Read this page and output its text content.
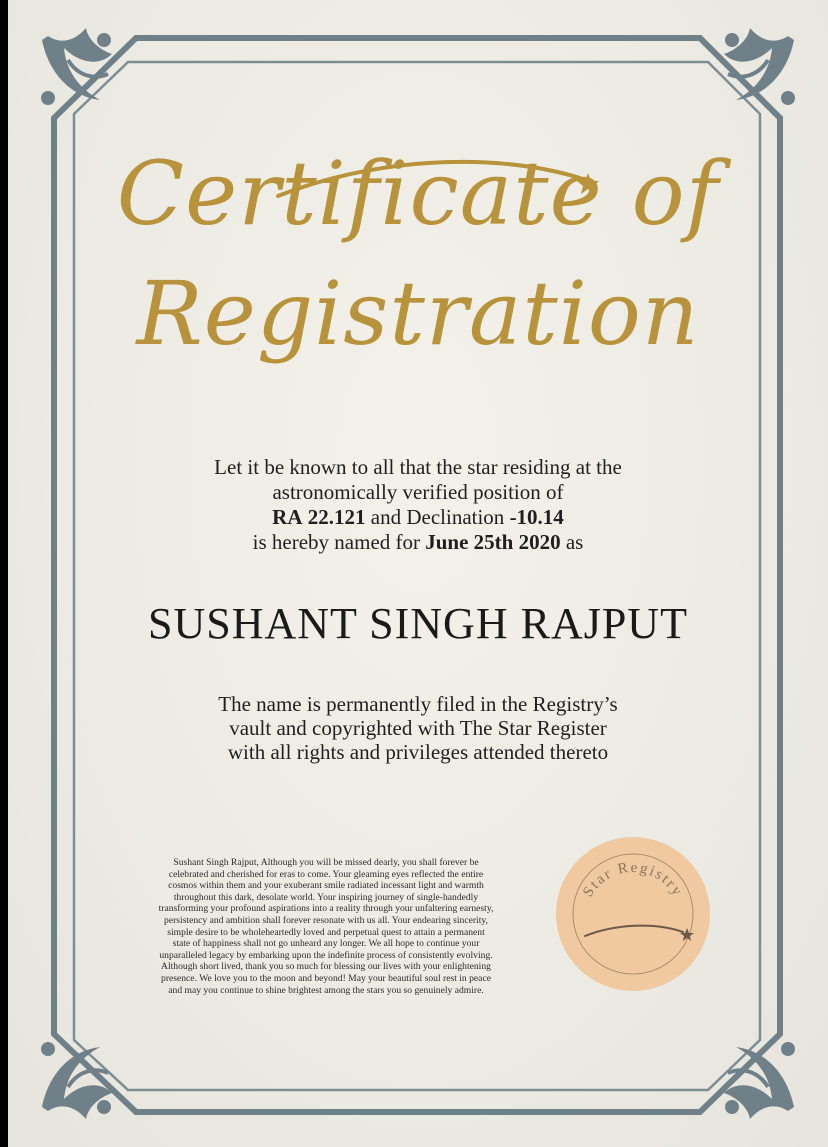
Certificate of
Registration
Let it be known to all that the star residing at the
astronomically verified position of
RA 22.121 and Declination -10.14
is hereby named for June 25th 2020 as
SUSHANT SINGH RAJPUT
The name is permanently filed in the Registry’s
vault and copyrighted with The Star Register
with all rights and privileges attended thereto
Sushant Singh Rajput, Although you will be missed dearly, you shall forever be
celebrated and cherished for eras to come. Your gleaming eyes reflected the entire
cosmos within them and your exuberant smile radiated incessant light and warmth
throughout this dark, desolate world. Your inspiring journey of single-handedly
transforming your profound aspirations into a reality through your unfaltering earnesty,
persistency and ambition shall forever resonate with us all. Your endearing sincerity,
simple desire to be wholeheartedly loved and perpetual quest to attain a permanent
state of happiness shall not go unheard any longer. We all hope to continue your
unparalleled legacy by embarking upon the indefinite process of consistently evolving.
Although short lived, thank you so much for blessing our lives with your enlightening
presence. We love you to the moon and beyond! May your beautiful soul rest in peace
and may you continue to shine brightest among the stars you so genuinely admire.
Star Registry
